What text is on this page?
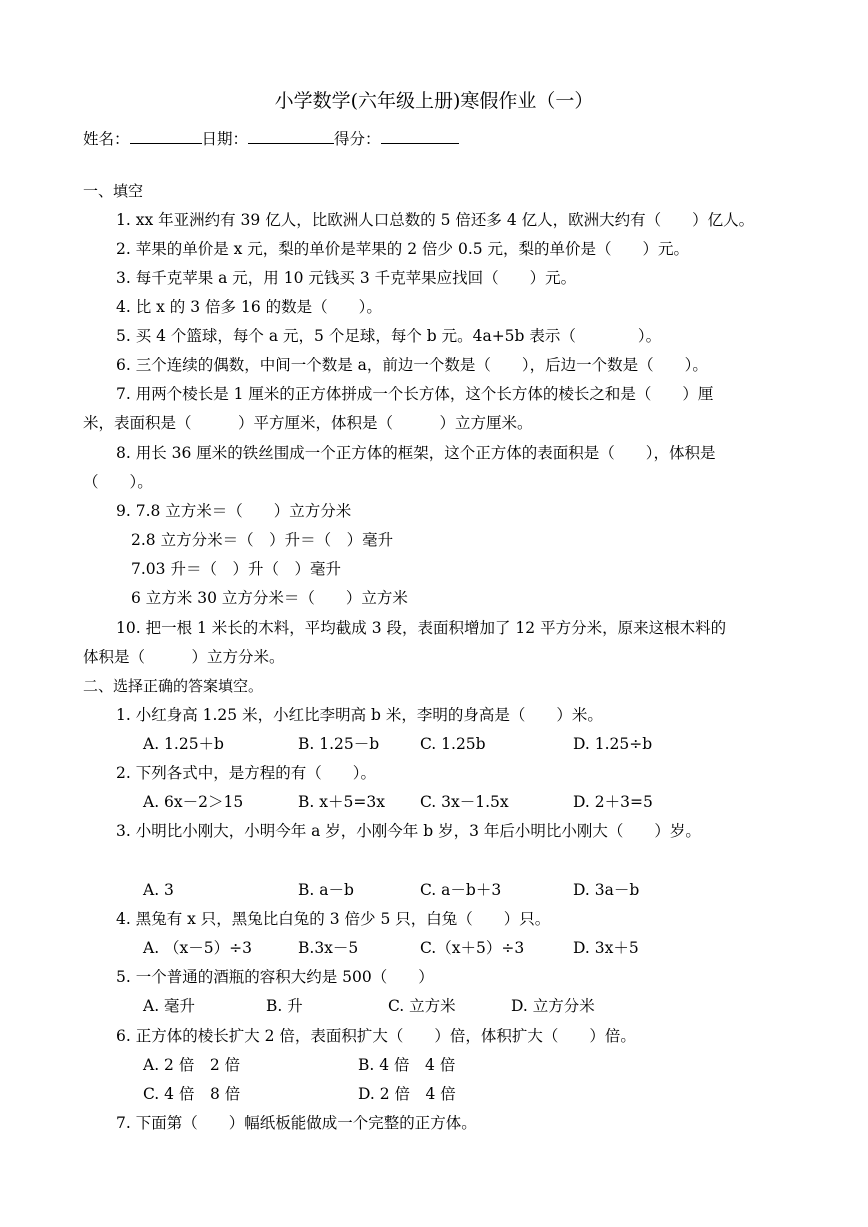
小学数学(六年级上册)寒假作业（一）
姓名：	日期：	得分：
一、填空
1. xx 年亚洲约有 39 亿人，比欧洲人口总数的 5 倍还多 4 亿人，欧洲大约有（　　）亿人。
2. 苹果的单价是 x 元，梨的单价是苹果的 2 倍少 0.5 元，梨的单价是（　　）元。
3. 每千克苹果 a 元，用 10 元钱买 3 千克苹果应找回（　　）元。
4. 比 x 的 3 倍多 16 的数是（　　）。
5. 买 4 个篮球，每个 a 元，5 个足球，每个 b 元。4a+5b 表示（　　　　）。
6. 三个连续的偶数，中间一个数是 a，前边一个数是（　　），后边一个数是（　　）。
7. 用两个棱长是 1 厘米的正方体拼成一个长方体，这个长方体的棱长之和是（　　）厘
米，表面积是（　　　）平方厘米，体积是（　　　）立方厘米。
8. 用长 36 厘米的铁丝围成一个正方体的框架，这个正方体的表面积是（　　），体积是
（　　）。
9. 7.8 立方米＝（　　）立方分米
2.8 立方分米＝（　）升＝（　）毫升
7.03 升＝（　）升（　）毫升
6 立方米 30 立方分米＝（　　）立方米
10. 把一根 1 米长的木料，平均截成 3 段，表面积增加了 12 平方分米，原来这根木料的
体积是（　　　）立方分米。
二、选择正确的答案填空。
1. 小红身高 1.25 米，小红比李明高 b 米，李明的身高是（　　）米。
A. 1.25＋b	B. 1.25－b	C. 1.25b	D. 1.25÷b
2. 下列各式中，是方程的有（　　）。
A. 6x－2＞15	B. x＋5=3x C. 3x－1.5x	D. 2＋3=5
3. 小明比小刚大，小明今年 a 岁，小刚今年 b 岁，3 年后小明比小刚大（　　）岁。
A. 3	B. a－b	C. a－b＋3	D. 3a－b
4. 黑兔有 x 只，黑兔比白兔的 3 倍少 5 只，白兔（　　）只。
A. （x－5）÷3	B.3x－5	C.（x＋5）÷3	D. 3x＋5
5. 一个普通的酒瓶的容积大约是 500（　　）
A. 毫升	B. 升	C. 立方米	D. 立方分米
6. 正方体的棱长扩大 2 倍，表面积扩大（　　）倍，体积扩大（　　）倍。
A. 2 倍　2 倍	B. 4 倍　4 倍
C. 4 倍　8 倍	D. 2 倍　4 倍
7. 下面第（　　）幅纸板能做成一个完整的正方体。
